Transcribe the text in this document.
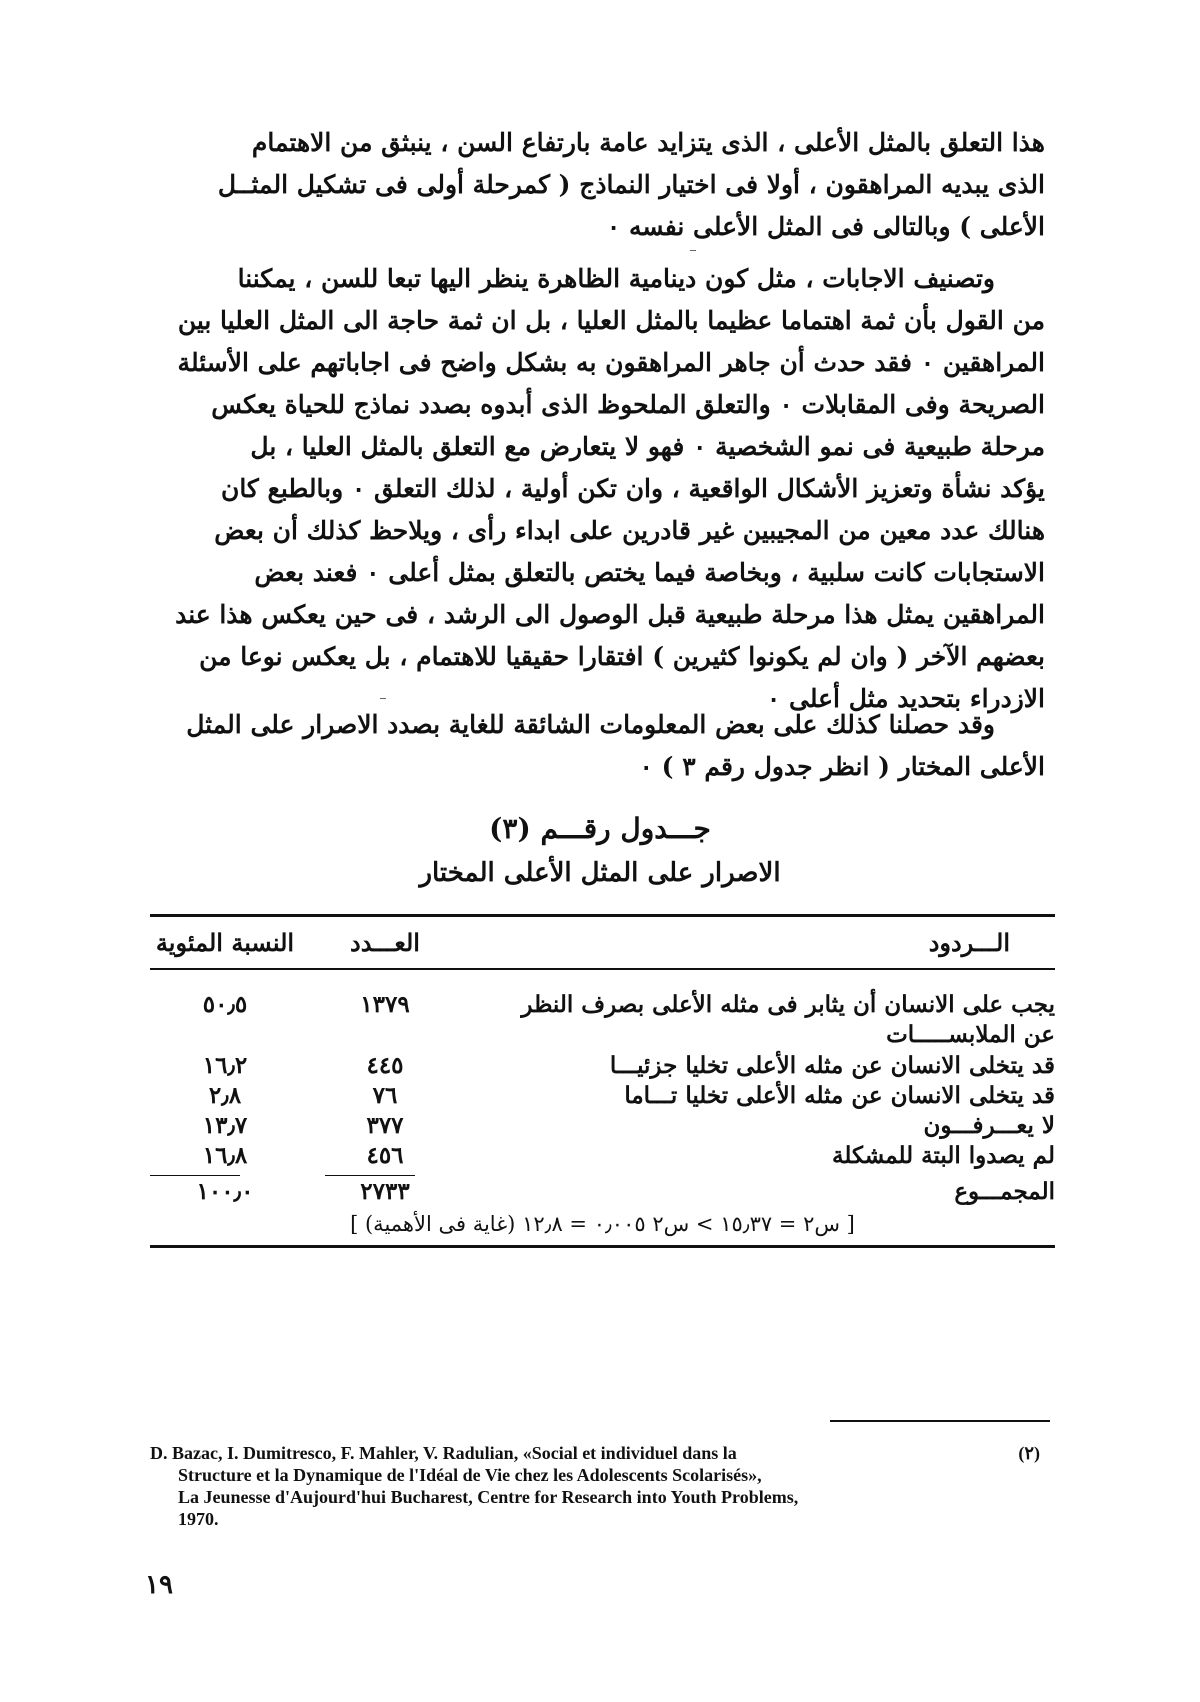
هذا التعلق بالمثل الأعلى ، الذى يتزايد عامة بارتفاع السن ، ينبثق من الاهتمام
الذى يبديه المراهقون ، أولا فى اختيار النماذج ( كمرحلة أولى فى تشكيل المثــل
الأعلى ) وبالتالى فى المثل الأعلى نفسه ٠
وتصنيف الاجابات ، مثل كون دينامية الظاهرة ينظر اليها تبعا للسن ، يمكننا
من القول بأن ثمة اهتماما عظيما بالمثل العليا ، بل ان ثمة حاجة الى المثل العليا بين
المراهقين ٠ فقد حدث أن جاهر المراهقون به بشكل واضح فى اجاباتهم على الأسئلة
الصريحة وفى المقابلات ٠ والتعلق الملحوظ الذى أبدوه بصدد نماذج للحياة يعكس
مرحلة طبيعية فى نمو الشخصية ٠ فهو لا يتعارض مع التعلق بالمثل العليا ، بل
يؤكد نشأة وتعزيز الأشكال الواقعية ، وان تكن أولية ، لذلك التعلق ٠ وبالطبع كان
هنالك عدد معين من المجيبين غير قادرين على ابداء رأى ، ويلاحظ كذلك أن بعض
الاستجابات كانت سلبية ، وبخاصة فيما يختص بالتعلق بمثل أعلى ٠ فعند بعض
المراهقين يمثل هذا مرحلة طبيعية قبل الوصول الى الرشد ، فى حين يعكس هذا عند
بعضهم الآخر ( وان لم يكونوا كثيرين ) افتقارا حقيقيا للاهتمام ، بل يعكس نوعا من
الازدراء بتحديد مثل أعلى ٠
وقد حصلنا كذلك على بعض المعلومات الشائقة للغاية بصدد الاصرار على المثل
الأعلى المختار ( انظر جدول رقم ٣ ) ٠
جـــدول رقـــم (٣)
الاصرار على المثل الأعلى المختار
الـــردود
العـــدد
النسبة المئوية
يجب على الانسان أن يثابر فى مثله الأعلى بصرف النظر عن الملابســـــات
١٣٧٩
٥٠٫٥
قد يتخلى الانسان عن مثله الأعلى تخليا جزئيـــا
٤٤٥
١٦٫٢
قد يتخلى الانسان عن مثله الأعلى تخليا تـــاما
٧٦
٢٫٨
لا يعـــرفـــون
٣٧٧
١٣٫٧
لم يصدوا البتة للمشكلة
٤٥٦
١٦٫٨
المجمـــوع
٢٧٣٣
١٠٠٫٠
[ س٢ = ١٥٫٣٧ > س٢ ٠٫٠٠٥ = ١٢٫٨ (غاية فى الأهمية) ]
D. Bazac, I. Dumitresco, F. Mahler, V. Radulian, «Social et individuel dans la	(٢)
Structure et la Dynamique de l'Idéal de Vie chez les Adolescents Scolarisés»,
La Jeunesse d'Aujourd'hui Bucharest, Centre for Research into Youth Problems,
1970.
١٩
